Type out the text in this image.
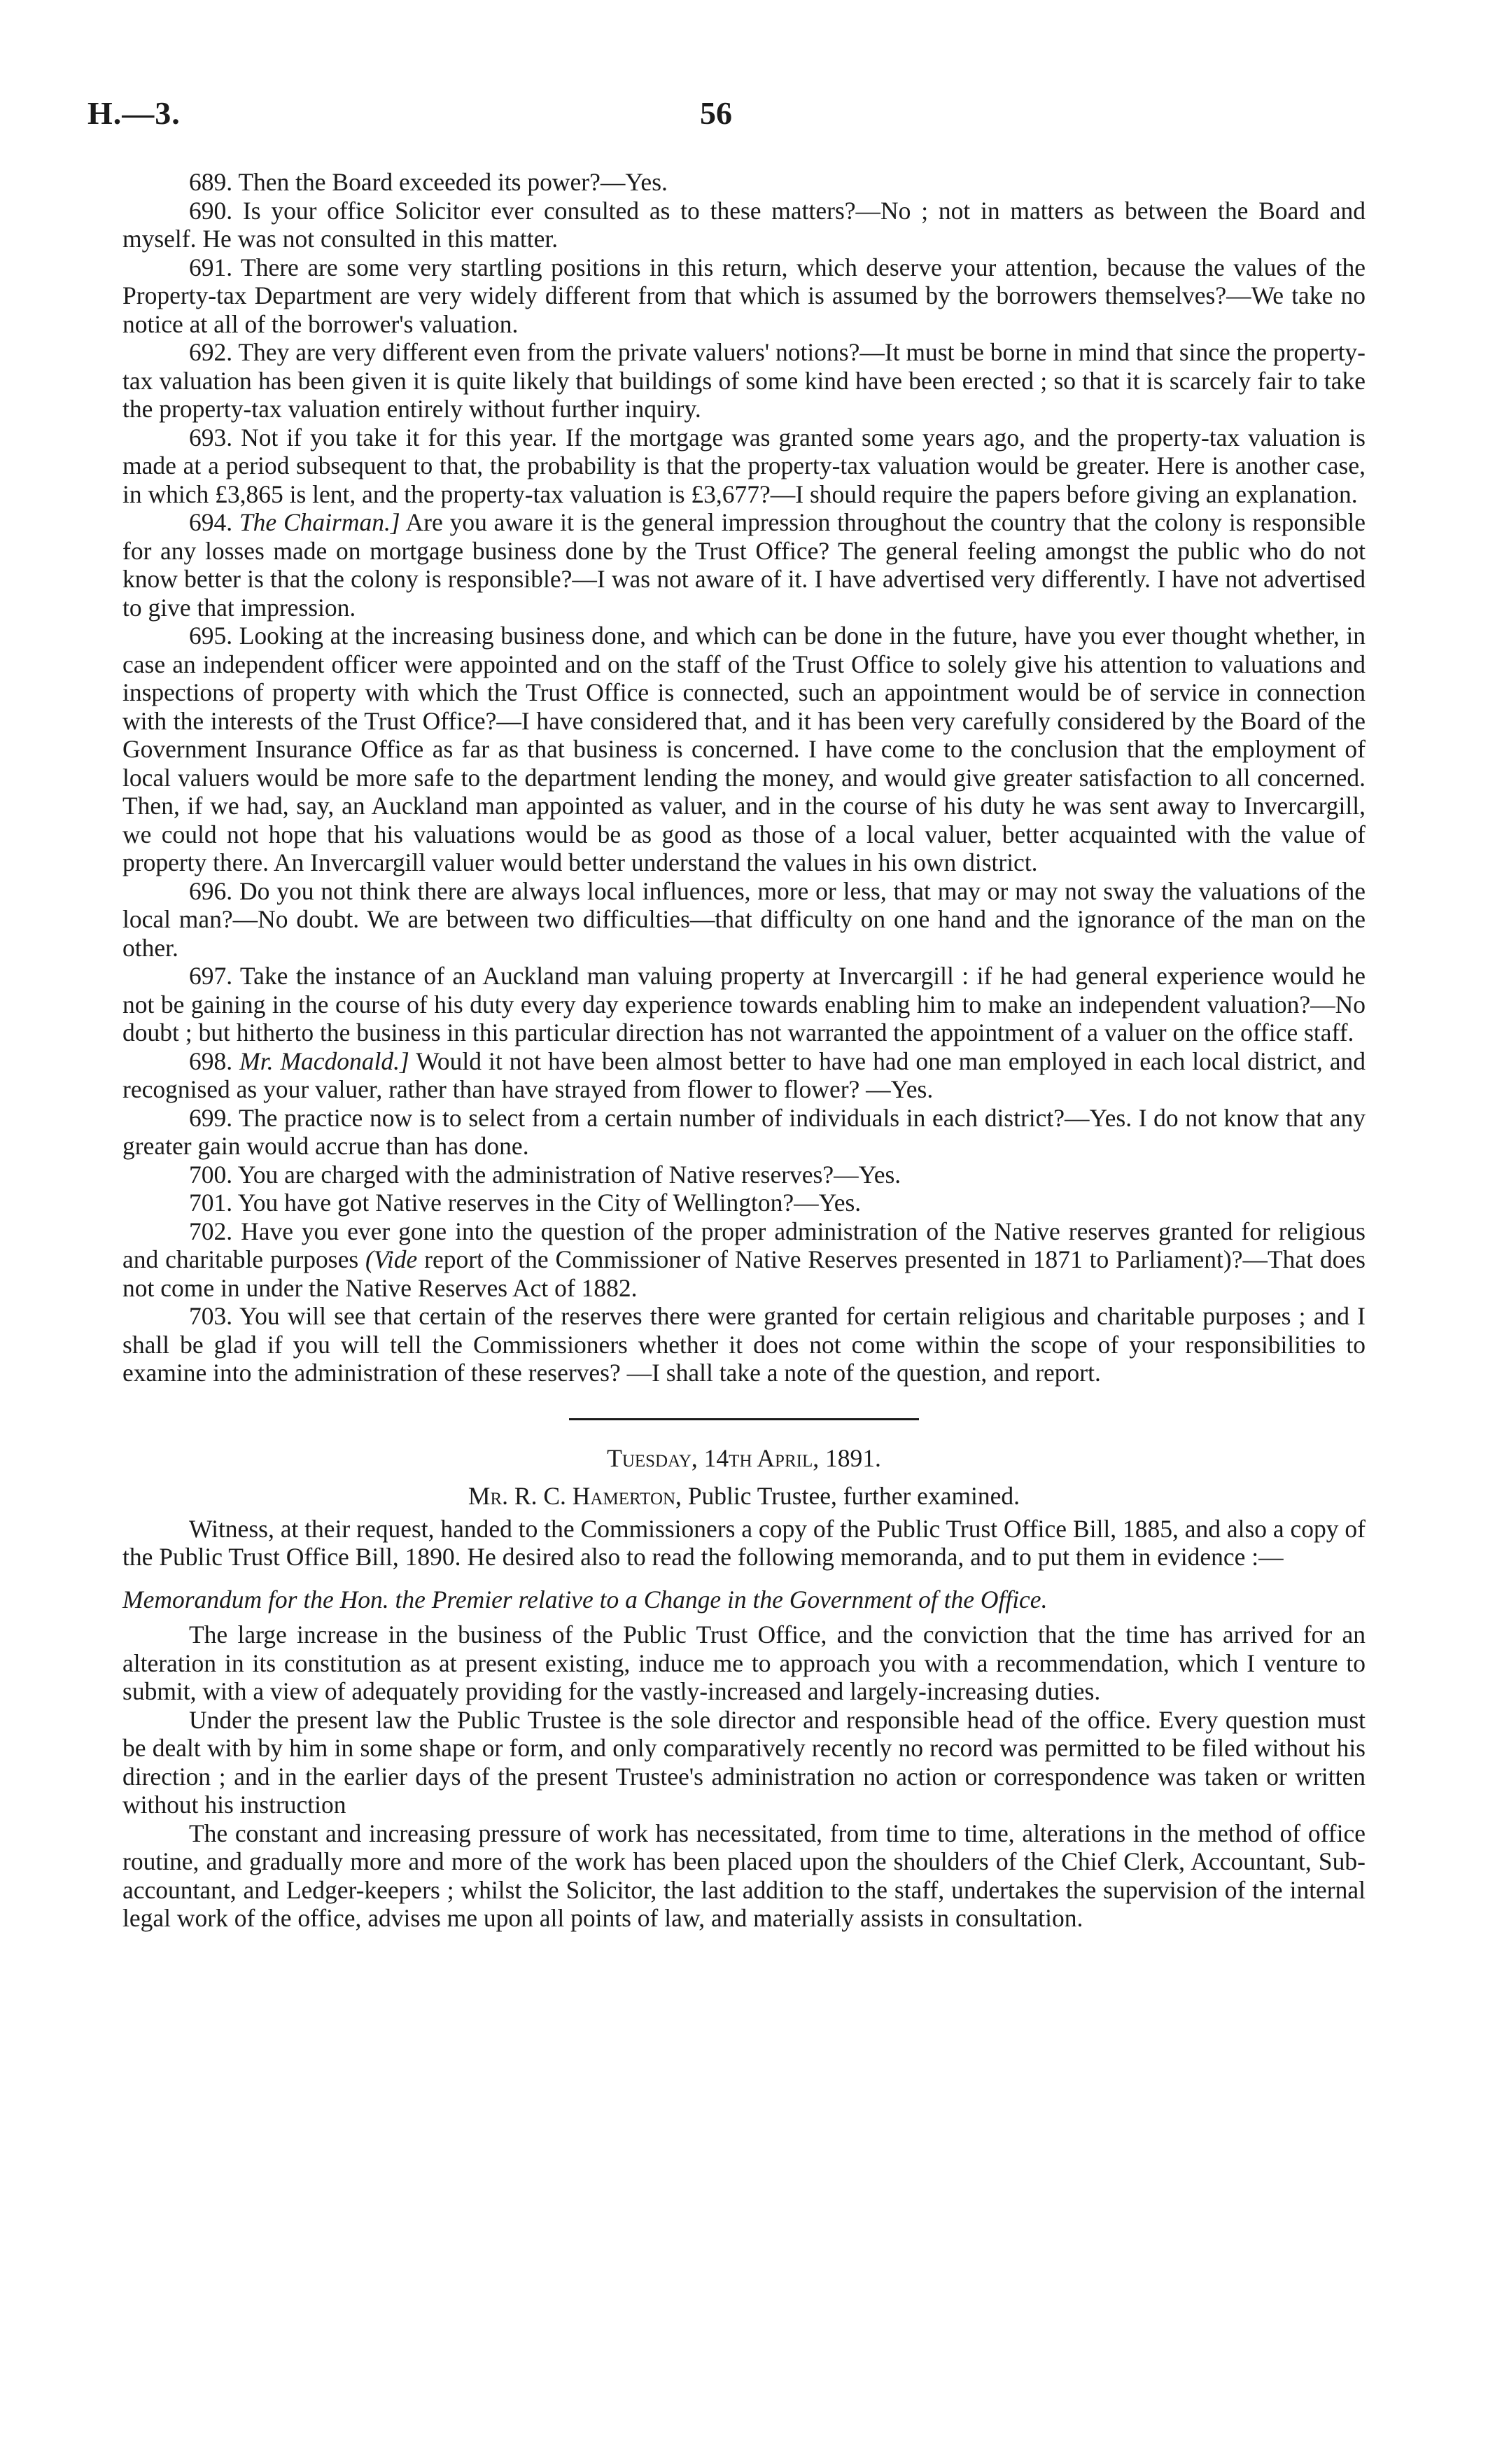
H.—3.	56

689. Then the Board exceeded its power?—Yes.

690. Is your office Solicitor ever consulted as to these matters?—No ; not in matters as between the Board and myself. He was not consulted in this matter.

691. There are some very startling positions in this return, which deserve your attention, because the values of the Property-tax Department are very widely different from that which is assumed by the borrowers themselves?—We take no notice at all of the borrower's valuation.

692. They are very different even from the private valuers' notions?—It must be borne in mind that since the property-tax valuation has been given it is quite likely that buildings of some kind have been erected ; so that it is scarcely fair to take the property-tax valuation entirely without further inquiry.

693. Not if you take it for this year. If the mortgage was granted some years ago, and the property-tax valuation is made at a period subsequent to that, the probability is that the property-tax valuation would be greater. Here is another case, in which £3,865 is lent, and the property-tax valuation is £3,677?—I should require the papers before giving an explanation.

694. The Chairman.] Are you aware it is the general impression throughout the country that the colony is responsible for any losses made on mortgage business done by the Trust Office? The general feeling amongst the public who do not know better is that the colony is responsible?—I was not aware of it. I have advertised very differently. I have not advertised to give that impression.

695. Looking at the increasing business done, and which can be done in the future, have you ever thought whether, in case an independent officer were appointed and on the staff of the Trust Office to solely give his attention to valuations and inspections of property with which the Trust Office is connected, such an appointment would be of service in connection with the interests of the Trust Office?—I have considered that, and it has been very carefully considered by the Board of the Government Insurance Office as far as that business is concerned. I have come to the conclusion that the employment of local valuers would be more safe to the department lending the money, and would give greater satisfaction to all concerned. Then, if we had, say, an Auckland man appointed as valuer, and in the course of his duty he was sent away to Invercargill, we could not hope that his valuations would be as good as those of a local valuer, better acquainted with the value of property there. An Invercargill valuer would better understand the values in his own district.

696. Do you not think there are always local influences, more or less, that may or may not sway the valuations of the local man?—No doubt. We are between two difficulties—that difficulty on one hand and the ignorance of the man on the other.

697. Take the instance of an Auckland man valuing property at Invercargill : if he had general experience would he not be gaining in the course of his duty every day experience towards enabling him to make an independent valuation?—No doubt ; but hitherto the business in this particular direction has not warranted the appointment of a valuer on the office staff.

698. Mr. Macdonald.] Would it not have been almost better to have had one man employed in each local district, and recognised as your valuer, rather than have strayed from flower to flower? —Yes.

699. The practice now is to select from a certain number of individuals in each district?—Yes. I do not know that any greater gain would accrue than has done.

700. You are charged with the administration of Native reserves?—Yes.

701. You have got Native reserves in the City of Wellington?—Yes.

702. Have you ever gone into the question of the proper administration of the Native reserves granted for religious and charitable purposes (Vide report of the Commissioner of Native Reserves presented in 1871 to Parliament)?—That does not come in under the Native Reserves Act of 1882.

703. You will see that certain of the reserves there were granted for certain religious and charitable purposes ; and I shall be glad if you will tell the Commissioners whether it does not come within the scope of your responsibilities to examine into the administration of these reserves? —I shall take a note of the question, and report.

Tuesday, 14th April, 1891.

Mr. R. C. Hamerton, Public Trustee, further examined.

Witness, at their request, handed to the Commissioners a copy of the Public Trust Office Bill, 1885, and also a copy of the Public Trust Office Bill, 1890. He desired also to read the following memoranda, and to put them in evidence :—

Memorandum for the Hon. the Premier relative to a Change in the Government of the Office.

The large increase in the business of the Public Trust Office, and the conviction that the time has arrived for an alteration in its constitution as at present existing, induce me to approach you with a recommendation, which I venture to submit, with a view of adequately providing for the vastly-increased and largely-increasing duties.

Under the present law the Public Trustee is the sole director and responsible head of the office. Every question must be dealt with by him in some shape or form, and only comparatively recently no record was permitted to be filed without his direction ; and in the earlier days of the present Trustee's administration no action or correspondence was taken or written without his instruction

The constant and increasing pressure of work has necessitated, from time to time, alterations in the method of office routine, and gradually more and more of the work has been placed upon the shoulders of the Chief Clerk, Accountant, Sub-accountant, and Ledger-keepers ; whilst the Solicitor, the last addition to the staff, undertakes the supervision of the internal legal work of the office, advises me upon all points of law, and materially assists in consultation.
